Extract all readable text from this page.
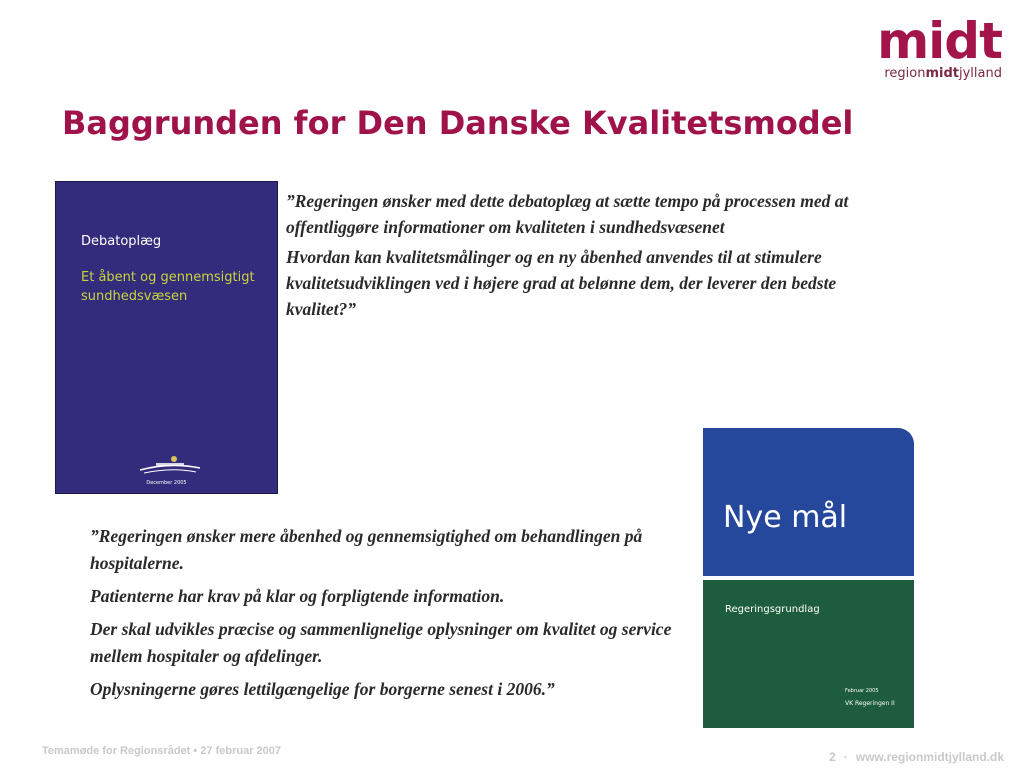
midt
regionmidtjylland
Baggrunden for Den Danske Kvalitetsmodel
Debatoplæg
Et åbent og gennemsigtigt sundhedsvæsen
December 2005

”Regeringen ønsker med dette debatoplæg at sætte tempo på processen med at offentliggøre informationer om kvaliteten i sundhedsvæsenet

Hvordan kan kvalitetsmålinger og en ny åbenhed anvendes til at stimulere kvalitetsudviklingen ved i højere grad at belønne dem, der leverer den bedste kvalitet?”

Nye mål
Regeringsgrundlag
Februar 2005
VK Regeringen II

”Regeringen ønsker mere åbenhed og gennemsigtighed om behandlingen på hospitalerne.

Patienterne har krav på klar og forpligtende information.

Der skal udvikles præcise og sammenlignelige oplysninger om kvalitet og service mellem hospitaler og afdelinger.

Oplysningerne gøres lettilgængelige for borgerne senest i 2006.”

Temamøde for Regionsrådet • 27 februar 2007	2 · www.regionmidtjylland.dk
